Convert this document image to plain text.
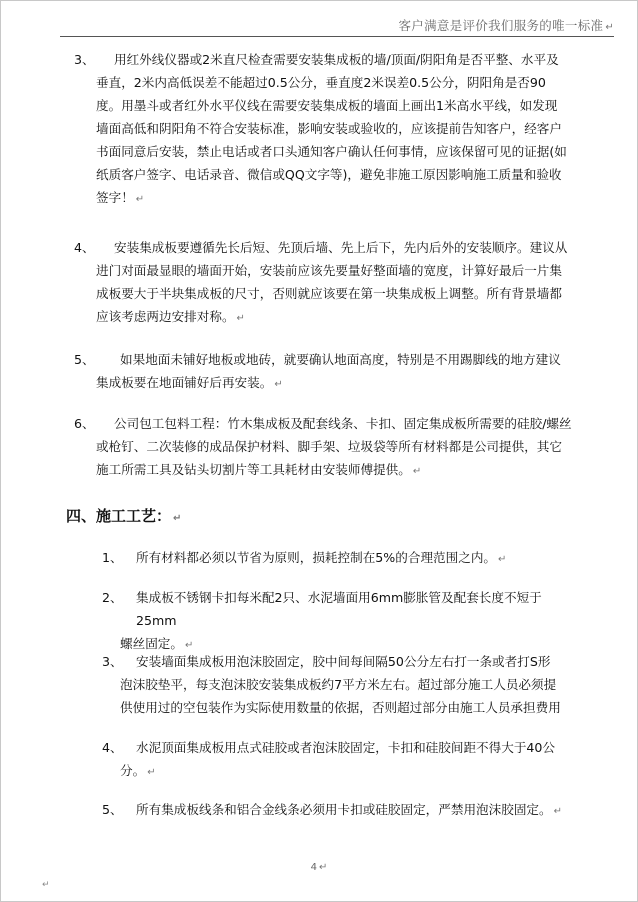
客户满意是评价我们服务的唯一标准 ↵
3、 用红外线仪器或2米直尺检查需要安装集成板的墙/顶面/阴阳角是否平整、水平及
垂直，2米内高低误差不能超过0.5公分，垂直度2米误差0.5公分，阴阳角是否90
度。用墨斗或者红外水平仪线在需要安装集成板的墙面上画出1米高水平线，如发现
墙面高低和阴阳角不符合安装标准，影响安装或验收的，应该提前告知客户，经客户
书面同意后安装，禁止电话或者口头通知客户确认任何事情，应该保留可见的证据(如
纸质客户签字、电话录音、微信或QQ文字等)，避免非施工原因影响施工质量和验收
签字！ ↵
4、 安装集成板要遵循先长后短、先顶后墙、先上后下，先内后外的安装顺序。建议从
进门对面最显眼的墙面开始，安装前应该先要量好整面墙的宽度，计算好最后一片集
成板要大于半块集成板的尺寸，否则就应该要在第一块集成板上调整。所有背景墙都
应该考虑两边安排对称。 ↵
5、 如果地面未铺好地板或地砖，就要确认地面高度，特别是不用踢脚线的地方建议
集成板要在地面铺好后再安装。 ↵
6、 公司包工包料工程：竹木集成板及配套线条、卡扣、固定集成板所需要的硅胶/螺丝
或枪钉、二次装修的成品保护材料、脚手架、垃圾袋等所有材料都是公司提供，其它
施工所需工具及钻头切割片等工具耗材由安装师傅提供。 ↵
四、施工工艺： ↵
1、 所有材料都必须以节省为原则，损耗控制在5%的合理范围之内。 ↵
2、 集成板不锈钢卡扣每米配2只、水泥墙面用6mm膨胀管及配套长度不短于25mm
螺丝固定。 ↵
3、 安装墙面集成板用泡沫胶固定，胶中间每间隔50公分左右打一条或者打S形
泡沫胶垫平，每支泡沫胶安装集成板约7平方米左右。超过部分施工人员必须提
供使用过的空包装作为实际使用数量的依据，否则超过部分由施工人员承担费用
4、 水泥顶面集成板用点式硅胶或者泡沫胶固定，卡扣和硅胶间距不得大于40公
分。 ↵
5、 所有集成板线条和铝合金线条必须用卡扣或硅胶固定，严禁用泡沫胶固定。 ↵
4 ↵
↵
